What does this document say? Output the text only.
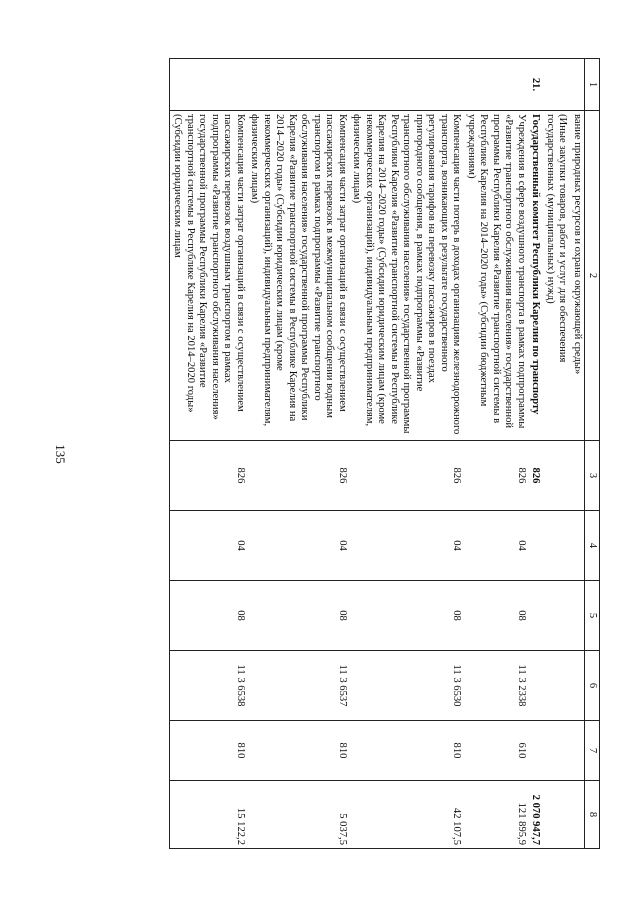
135
1	2	3	4	5	6	7	8
	вание природных ресурсов и охрана окружающей среды»						
	(Иные закупки товаров, работ и услуг для обеспечения государственных (муниципальных) нужд)						
21.	Государственный комитет Республики Карелия по транспорту	826					2 070 947,7
	Учреждения в сфере воздушного транспорта в рамках подпрограммы «Развитие транспортного обслуживания населения» государственной программы Республики Карелия «Развитие транспортной системы в Республике Карелия на 2014–2020 годы» (Субсидии бюджетным учреждениям)	826	04	08	11 3 2338	610	121 895,9
	Компенсация части потерь в доходах организациям железнодорожного транспорта, возникающих в результате государственного регулирования тарифов на перевозку пассажиров в поездах пригородного сообщения, в рамках подпрограммы «Развитие транспортного обслуживания населения» государственной программы Республики Карелия «Развитие транспортной системы в Республике Карелия на 2014–2020 годы» (Субсидии юридическим лицам (кроме некоммерческих организаций), индивидуальным предпринимателям, физическим лицам)	826	04	08	11 3 6530	810	42 107,5
	Компенсация части затрат организаций в связи с осуществлением пассажирских перевозок в межмуниципальном сообщении водным транспортом в рамках подпрограммы «Развитие транспортного обслуживания населения» государственной программы Республики Карелия «Развитие транспортной системы в Республике Карелия на 2014–2020 годы» (Субсидии юридическим лицам (кроме некоммерческих организаций), индивидуальным предпринимателям, физическим лицам)	826	04	08	11 3 6537	810	5 037,5
	Компенсация части затрат организаций в связи с осуществлением пассажирских перевозок воздушным транспортом в рамках подпрограммы «Развитие транспортного обслуживания населения» государственной программы Республики Карелия «Развитие транспортной системы в Республике Карелия на 2014–2020 годы» (Субсидии юридическим лицам	826	04	08	11 3 6538	810	15 122,2
